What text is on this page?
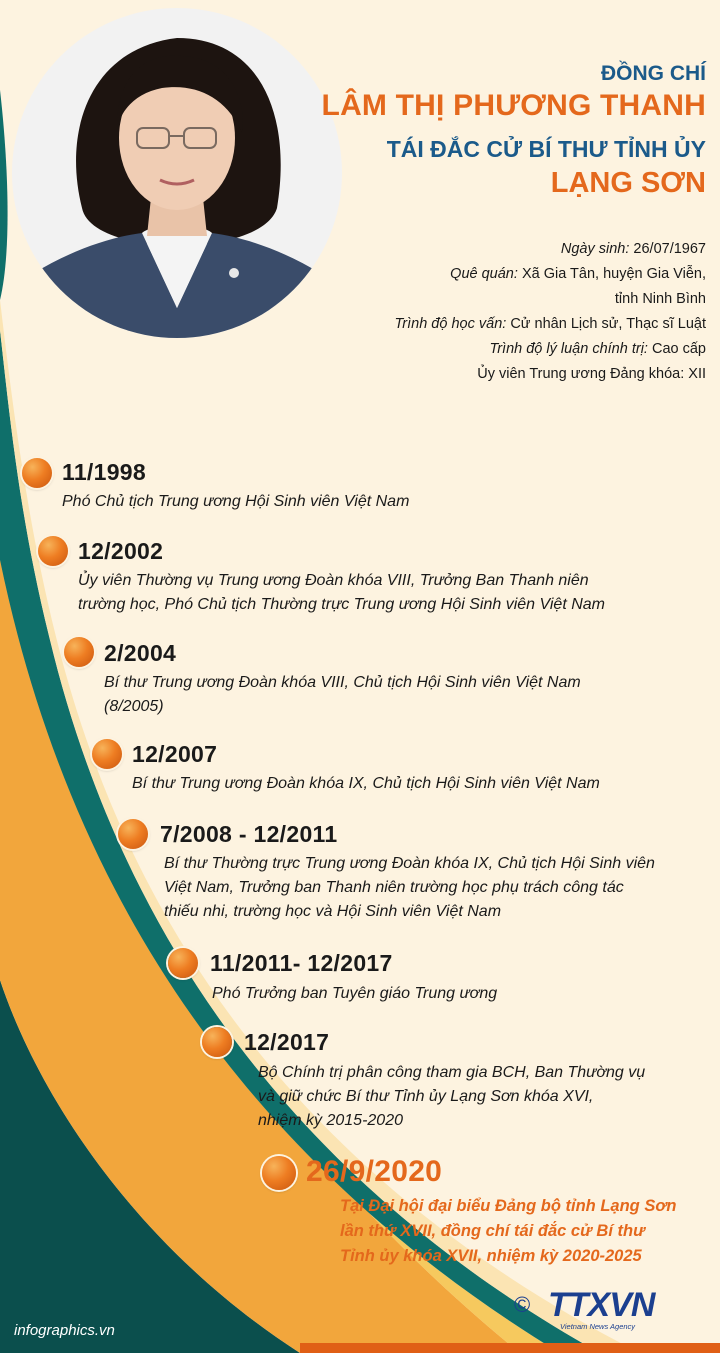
ĐỒNG CHÍ
LÂM THỊ PHƯƠNG THANH
TÁI ĐẮC CỬ BÍ THƯ TỈNH ỦY
LẠNG SƠN
Ngày sinh: 26/07/1967
Quê quán: Xã Gia Tân, huyện Gia Viễn,
tỉnh Ninh Bình
Trình độ học vấn: Cử nhân Lịch sử, Thạc sĩ Luật
Trình độ lý luận chính trị: Cao cấp
Ủy viên Trung ương Đảng khóa: XII
11/1998
Phó Chủ tịch Trung ương Hội Sinh viên Việt Nam
12/2002
Ủy viên Thường vụ Trung ương Đoàn khóa VIII, Trưởng Ban Thanh niên
trường học, Phó Chủ tịch Thường trực Trung ương Hội Sinh viên Việt Nam
2/2004
Bí thư Trung ương Đoàn khóa VIII, Chủ tịch Hội Sinh viên Việt Nam
(8/2005)
12/2007
Bí thư Trung ương Đoàn khóa IX, Chủ tịch Hội Sinh viên Việt Nam
7/2008 - 12/2011
Bí thư Thường trực Trung ương Đoàn khóa IX, Chủ tịch Hội Sinh viên
Việt Nam, Trưởng ban Thanh niên trường học phụ trách công tác
thiếu nhi, trường học và Hội Sinh viên Việt Nam
11/2011- 12/2017
Phó Trưởng ban Tuyên giáo Trung ương
12/2017
Bộ Chính trị phân công tham gia BCH, Ban Thường vụ
và giữ chức Bí thư Tỉnh ủy Lạng Sơn khóa XVI,
nhiệm kỳ 2015-2020
26/9/2020
Tại Đại hội đại biểu Đảng bộ tỉnh Lạng Sơn
lần thứ XVII, đồng chí tái đắc cử Bí thư
Tỉnh ủy khóa XVII, nhiệm kỳ 2020-2025
infographics.vn
© TTXVN
Vietnam News Agency
